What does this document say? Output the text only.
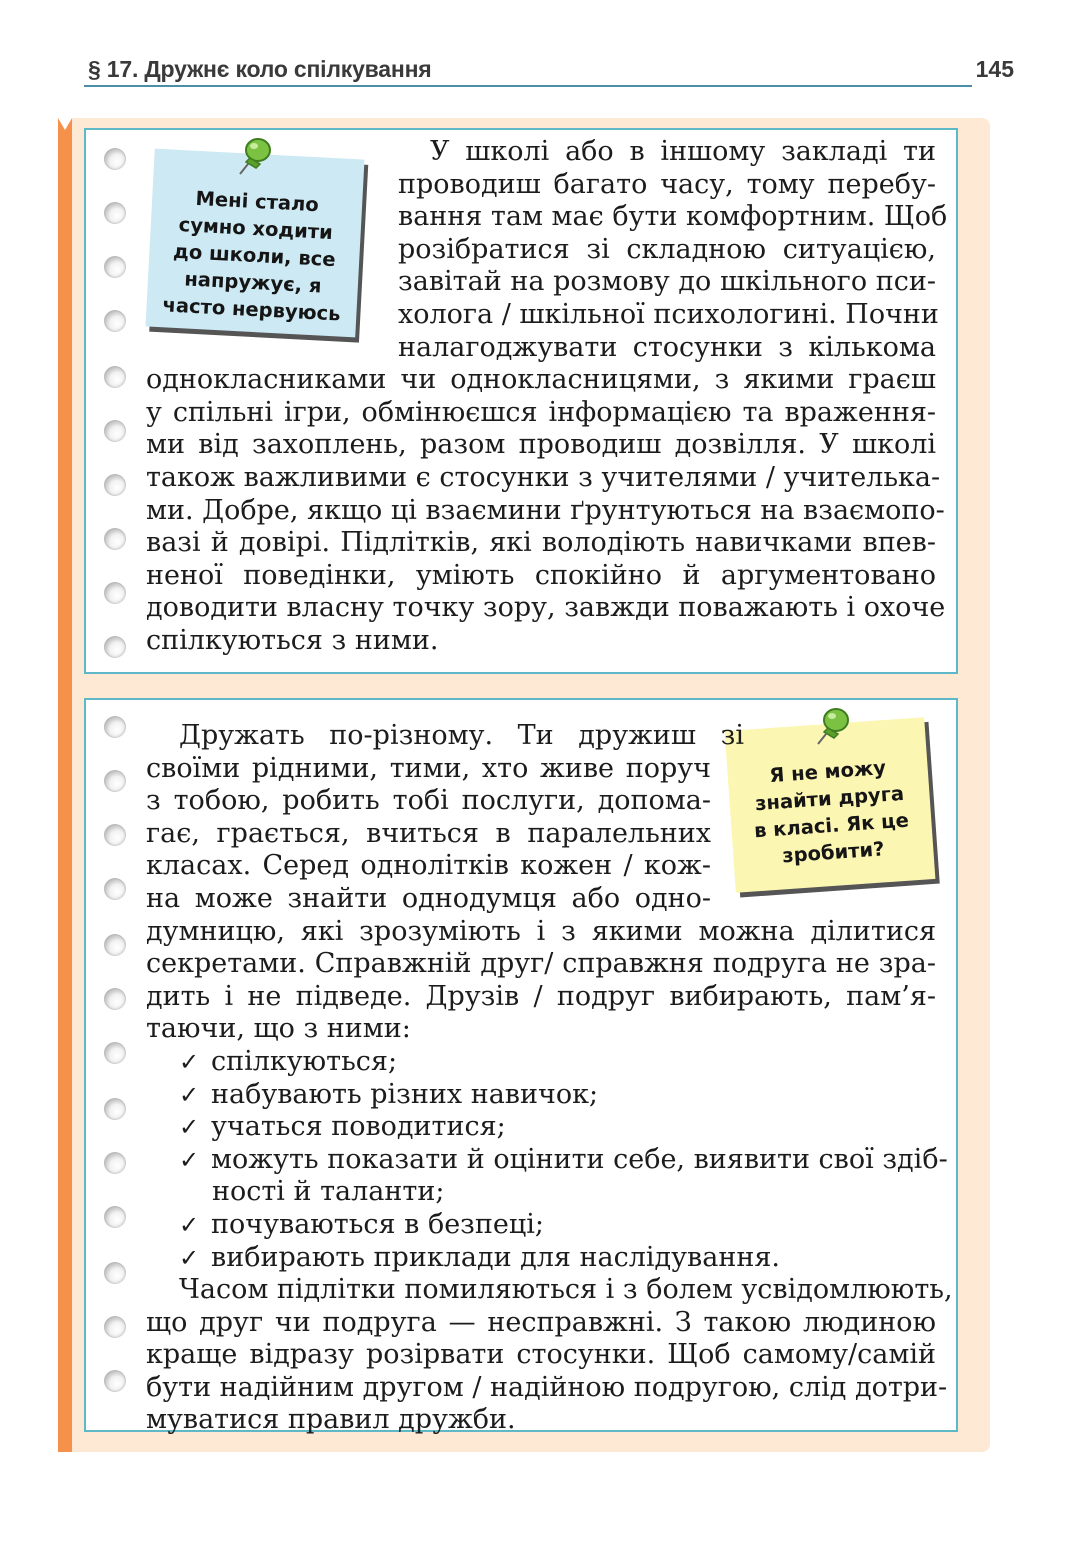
§ 17. Дружнє коло спілкування	145
Мені стало
сумно ходити
до школи, все
напружує, я
часто нервуюсь
У школі або в іншому закладі ти
проводиш багато часу, тому перебу-
вання там має бути комфортним. Щоб
розібратися зі складною ситуацією,
завітай на розмову до шкільного пси-
холога / шкільної психологині. Почни
налагоджувати стосунки з кількома
однокласниками чи однокласницями, з якими граєш
у спільні ігри, обмінюєшся інформацією та враження-
ми від захоплень, разом проводиш дозвілля. У школі
також важливими є стосунки з учителями / учителька-
ми. Добре, якщо ці взаємини ґрунтуються на взаємопо-
вазі й довірі. Підлітків, які володіють навичками впев-
неної поведінки, уміють спокійно й аргументовано
доводити власну точку зору, завжди поважають і охоче
спілкуються з ними.
Я не можу
знайти друга
в класі. Як це
зробити?
Дружать по-різному. Ти дружиш зі
своїми рідними, тими, хто живе поруч
з тобою, робить тобі послуги, допома-
гає, грається, вчиться в паралельних
класах. Серед однолітків кожен / кож-
на може знайти однодумця або одно-
думницю, які зрозуміють і з якими можна ділитися
секретами. Справжній друг/ справжня подруга не зра-
дить і не підведе. Друзів / подруг вибирають, пам’я-
таючи, що з ними:
✓ спілкуються;
✓ набувають різних навичок;
✓ учаться поводитися;
✓ можуть показати й оцінити себе, виявити свої здіб-
ності й таланти;
✓ почуваються в безпеці;
✓ вибирають приклади для наслідування.
Часом підлітки помиляються і з болем усвідомлюють,
що друг чи подруга — несправжні. З такою людиною
краще відразу розірвати стосунки. Щоб самому/самій
бути надійним другом / надійною подругою, слід дотри-
муватися правил дружби.
